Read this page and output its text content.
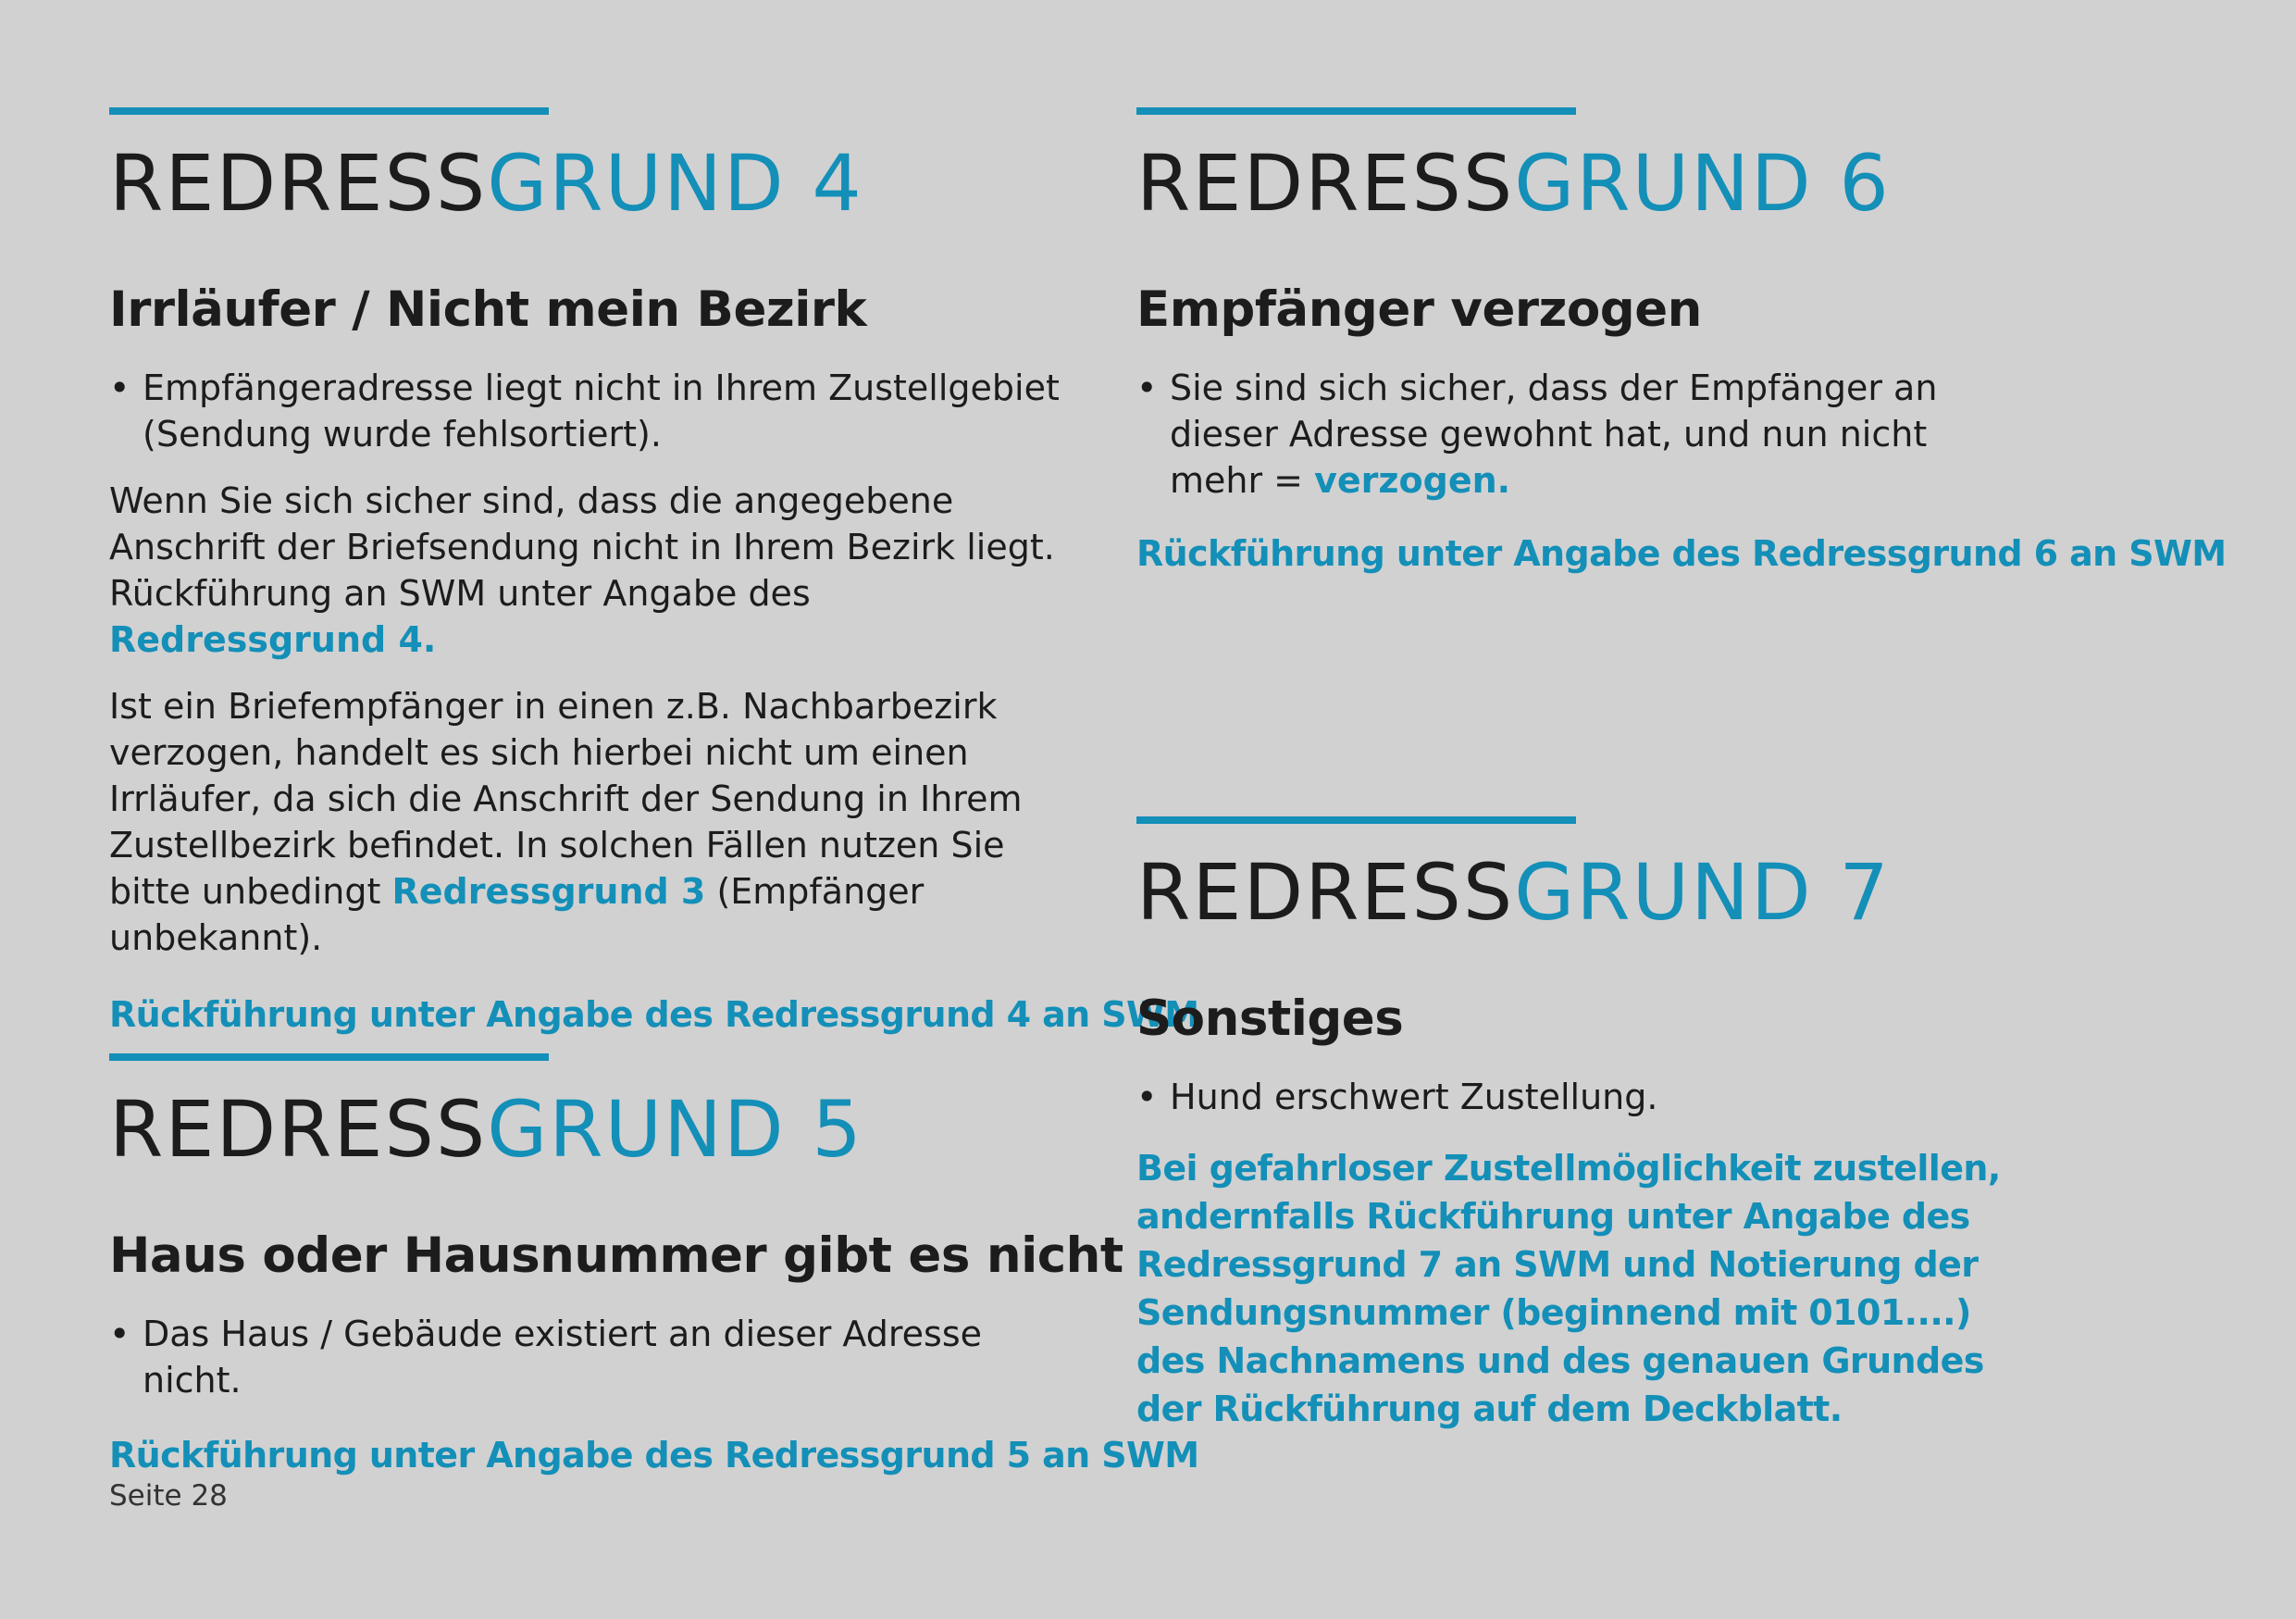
REDRESSGRUND 4
Irrläufer / Nicht mein Bezirk
• Empfängeradresse liegt nicht in Ihrem Zustellgebiet (Sendung wurde fehlsortiert).

Wenn Sie sich sicher sind, dass die angegebene Anschrift der Briefsendung nicht in Ihrem Bezirk liegt. Rückführung an SWM unter Angabe des Redressgrund 4.

Ist ein Briefempfänger in einen z.B. Nachbarbezirk verzogen, handelt es sich hierbei nicht um einen Irrläufer, da sich die Anschrift der Sendung in Ihrem Zustellbezirk befindet. In solchen Fällen nutzen Sie bitte unbedingt Redressgrund 3 (Empfänger unbekannt).

Rückführung unter Angabe des Redressgrund 4 an SWM
REDRESSGRUND 5
Haus oder Hausnummer gibt es nicht
• Das Haus / Gebäude existiert an dieser Adresse nicht.
Rückführung unter Angabe des Redressgrund 5 an SWM
REDRESSGRUND 6
Empfänger verzogen
• Sie sind sich sicher, dass der Empfänger an dieser Adresse gewohnt hat, und nun nicht mehr = verzogen.
Rückführung unter Angabe des Redressgrund 6 an SWM
REDRESSGRUND 7
Sonstiges
• Hund erschwert Zustellung.
Bei gefahrloser Zustellmöglichkeit zustellen, andernfalls Rückführung unter Angabe des Redressgrund 7 an SWM und Notierung der Sendungsnummer (beginnend mit 0101....) des Nachnamens und des genauen Grundes der Rückführung auf dem Deckblatt.
Seite 28
